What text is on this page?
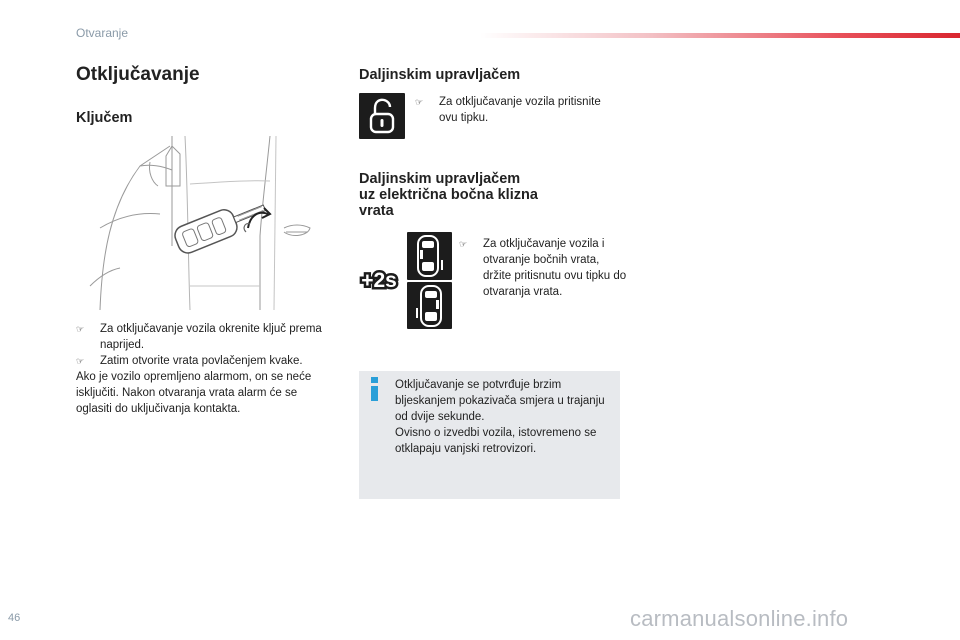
Otvaranje
Otključavanje
Ključem
☞	Za otključavanje vozila okrenite ključ prema naprijed.
☞	Zatim otvorite vrata povlačenjem kvake.
Ako je vozilo opremljeno alarmom, on se neće isključiti. Nakon otvaranja vrata alarm će se oglasiti do uključivanja kontakta.
Daljinskim upravljačem
☞	Za otključavanje vozila pritisnite ovu tipku.
Daljinskim upravljačem
uz električna bočna klizna
vrata
+2s
☞	Za otključavanje vozila i otvaranje bočnih vrata, držite pritisnutu ovu tipku do otvaranja vrata.
Otključavanje se potvrđuje brzim bljeskanjem pokazivača smjera u trajanju od dvije sekunde.
Ovisno o izvedbi vozila, istovremeno se otklapaju vanjski retrovizori.
46	carmanualsonline.info
